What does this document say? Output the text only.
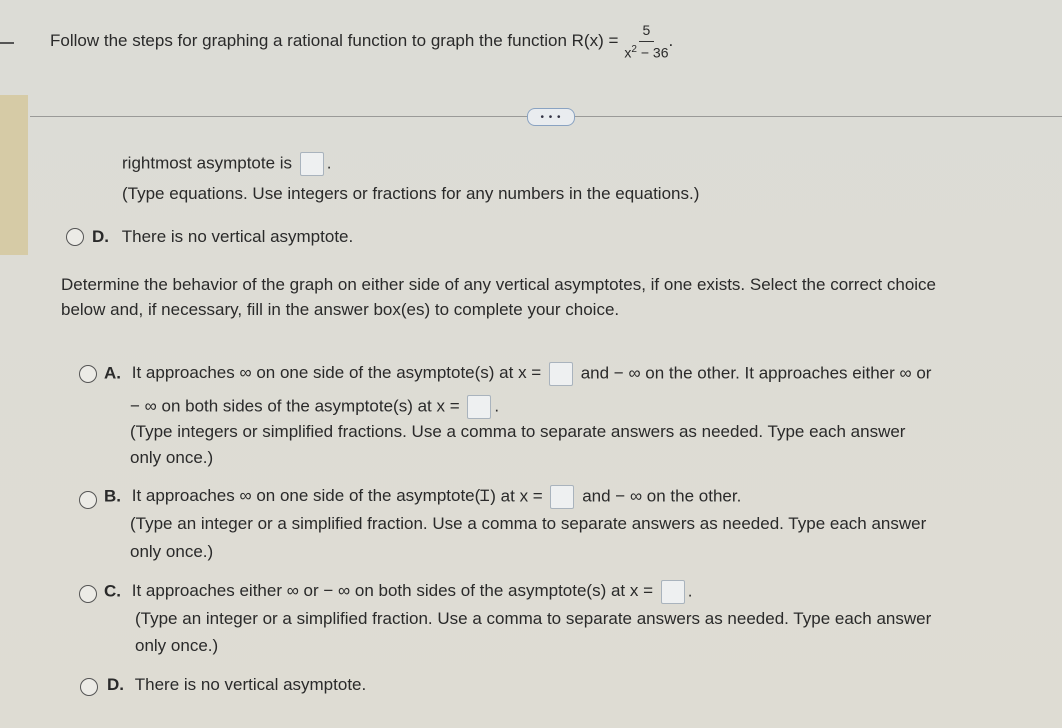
Follow the steps for graphing a rational function to graph the function $R(x) = \frac{5}{x^2 - 36}$ .
• • •
rightmost asymptote is .
(Type equations. Use integers or fractions for any numbers in the equations.)
D. There is no vertical asymptote.
Determine the behavior of the graph on either side of any vertical asymptotes, if one exists. Select the correct choice
below and, if necessary, fill in the answer box(es) to complete your choice.
A. It approaches ∞ on one side of the asymptote(s) at x = and − ∞ on the other. It approaches either ∞ or
− ∞ on both sides of the asymptote(s) at x = .
(Type integers or simplified fractions. Use a comma to separate answers as needed. Type each answer
only once.)
B. It approaches ∞ on one side of the asymptote(Ɪ) at x = and − ∞ on the other.
(Type an integer or a simplified fraction. Use a comma to separate answers as needed. Type each answer
only once.)
C. It approaches either ∞ or − ∞ on both sides of the asymptote(s) at x = .
(Type an integer or a simplified fraction. Use a comma to separate answers as needed. Type each answer
only once.)
D. There is no vertical asymptote.
